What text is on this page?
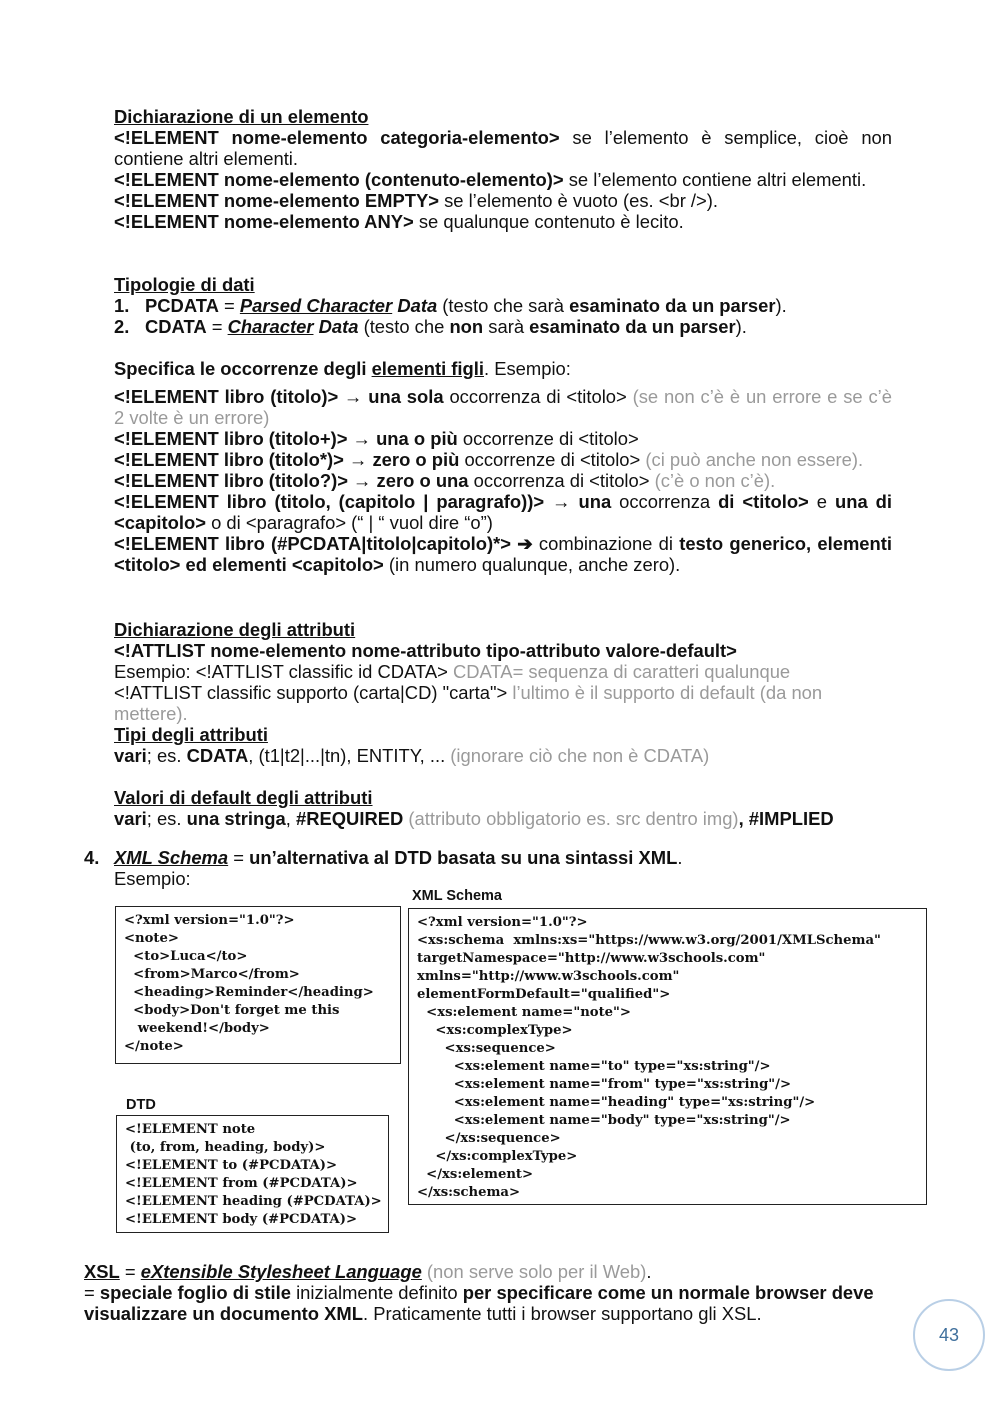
Dichiarazione di un elemento
<!ELEMENT nome-elemento categoria-elemento> se l’elemento è semplice, cioè non contiene altri elementi.
<!ELEMENT nome-elemento (contenuto-elemento)> se l’elemento contiene altri elementi.
<!ELEMENT nome-elemento EMPTY> se l’elemento è vuoto (es. <br />).
<!ELEMENT nome-elemento ANY> se qualunque contenuto è lecito.
Tipologie di dati
1. PCDATA = Parsed Character Data (testo che sarà esaminato da un parser).
2. CDATA = Character Data (testo che non sarà esaminato da un parser).
Specifica le occorrenze degli elementi figli. Esempio:
<!ELEMENT libro (titolo)> → una sola occorrenza di <titolo> (se non c’è è un errore e se c’è 2 volte è un errore)
<!ELEMENT libro (titolo+)> → una o più occorrenze di <titolo>
<!ELEMENT libro (titolo*)> → zero o più occorrenze di <titolo> (ci può anche non essere).
<!ELEMENT libro (titolo?)> → zero o una occorrenza di <titolo> (c’è o non c’è).
<!ELEMENT libro (titolo, (capitolo | paragrafo))> → una occorrenza di <titolo> e una di <capitolo> o di <paragrafo> (“ | “ vuol dire “o”)
<!ELEMENT libro (#PCDATA|titolo|capitolo)*> ➔ combinazione di testo generico, elementi <titolo> ed elementi <capitolo> (in numero qualunque, anche zero).
Dichiarazione degli attributi
<!ATTLIST nome-elemento nome-attributo tipo-attributo valore-default>
Esempio: <!ATTLIST classific id CDATA> CDATA= sequenza di caratteri qualunque
<!ATTLIST classific supporto (carta|CD) "carta"> l’ultimo è il supporto di default (da non mettere).
Tipi degli attributi
vari; es. CDATA, (t1|t2|...|tn), ENTITY, ... (ignorare ciò che non è CDATA)
Valori di default degli attributi
vari; es. una stringa, #REQUIRED (attributo obbligatorio es. src dentro img), #IMPLIED
4. XML Schema = un’alternativa al DTD basata su una sintassi XML.
Esempio:
<?xml version="1.0"?>
<note>
<to>Luca</to>
<from>Marco</from>
<heading>Reminder</heading>
<body>Don't forget me this
weekend!</body>
</note>
DTD
<!ELEMENT note
(to, from, heading, body)>
<!ELEMENT to (#PCDATA)>
<!ELEMENT from (#PCDATA)>
<!ELEMENT heading (#PCDATA)>
<!ELEMENT body (#PCDATA)>
XML Schema
<?xml version="1.0"?>
<xs:schema  xmlns:xs="https://www.w3.org/2001/XMLSchema"
targetNamespace="http://www.w3schools.com"
xmlns="http://www.w3schools.com"
elementFormDefault="qualified">
<xs:element name="note">
<xs:complexType>
<xs:sequence>
<xs:element name="to" type="xs:string"/>
<xs:element name="from" type="xs:string"/>
<xs:element name="heading" type="xs:string"/>
<xs:element name="body" type="xs:string"/>
</xs:sequence>
</xs:complexType>
</xs:element>
</xs:schema>
XSL = eXtensible Stylesheet Language (non serve solo per il Web).
= speciale foglio di stile inizialmente definito per specificare come un normale browser deve visualizzare un documento XML. Praticamente tutti i browser supportano gli XSL.
43
